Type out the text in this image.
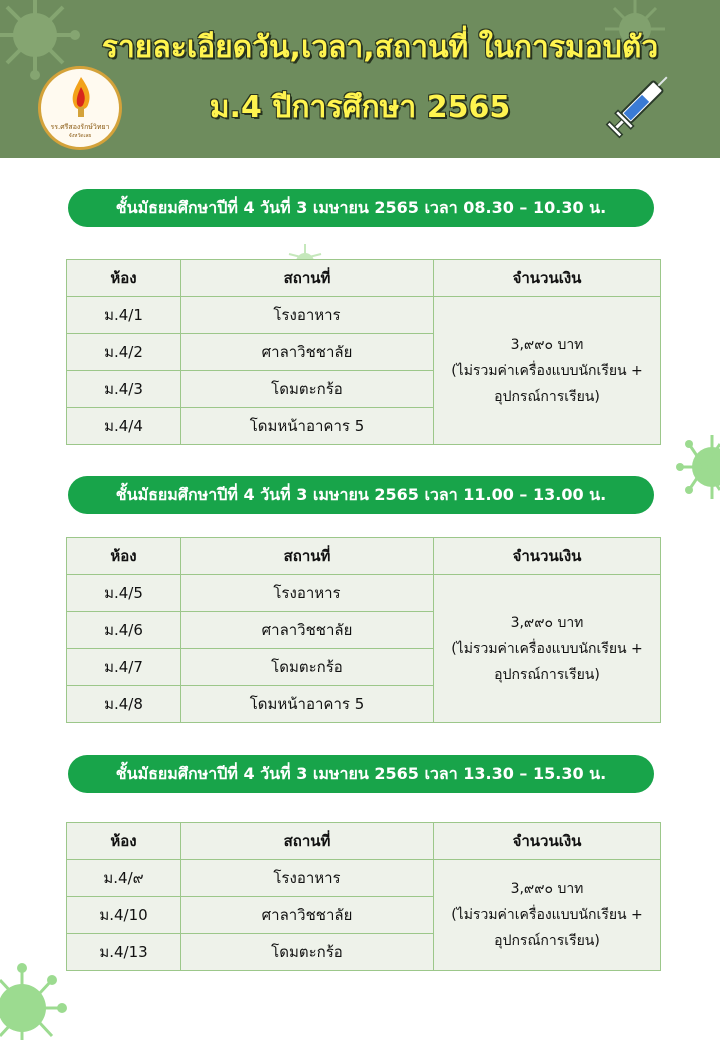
รายละเอียดวัน,เวลา,สถานที่ ในการมอบตัว
ม.4 ปีการศึกษา 2565
รร.ศรีสองรักษ์วิทยา
จังหวัดเลย
ชั้นมัธยมศึกษาปีที่ 4 วันที่ 3 เมษายน 2565 เวลา 08.30 – 10.30 น.
ห้อง	สถานที่	จำนวนเงิน
ม.4/1	โรงอาหาร	3,๙๙๐ บาท
(ไม่รวมค่าเครื่องแบบนักเรียน +
อุปกรณ์การเรียน)

ม.4/2	ศาลาวิชชาลัย	
ม.4/3	โดมตะกร้อ	
ม.4/4	โดมหน้าอาคาร 5	
ชั้นมัธยมศึกษาปีที่ 4 วันที่ 3 เมษายน 2565 เวลา 11.00 – 13.00 น.
ห้อง	สถานที่	จำนวนเงิน
ม.4/5	โรงอาหาร	3,๙๙๐ บาท
(ไม่รวมค่าเครื่องแบบนักเรียน +
อุปกรณ์การเรียน)

ม.4/6	ศาลาวิชชาลัย	
ม.4/7	โดมตะกร้อ	
ม.4/8	โดมหน้าอาคาร 5	
ชั้นมัธยมศึกษาปีที่ 4 วันที่ 3 เมษายน 2565 เวลา 13.30 – 15.30 น.
ห้อง	สถานที่	จำนวนเงิน
ม.4/๙	โรงอาหาร	3,๙๙๐ บาท
(ไม่รวมค่าเครื่องแบบนักเรียน +
อุปกรณ์การเรียน)

ม.4/10	ศาลาวิชชาลัย	
ม.4/13	โดมตะกร้อ	
